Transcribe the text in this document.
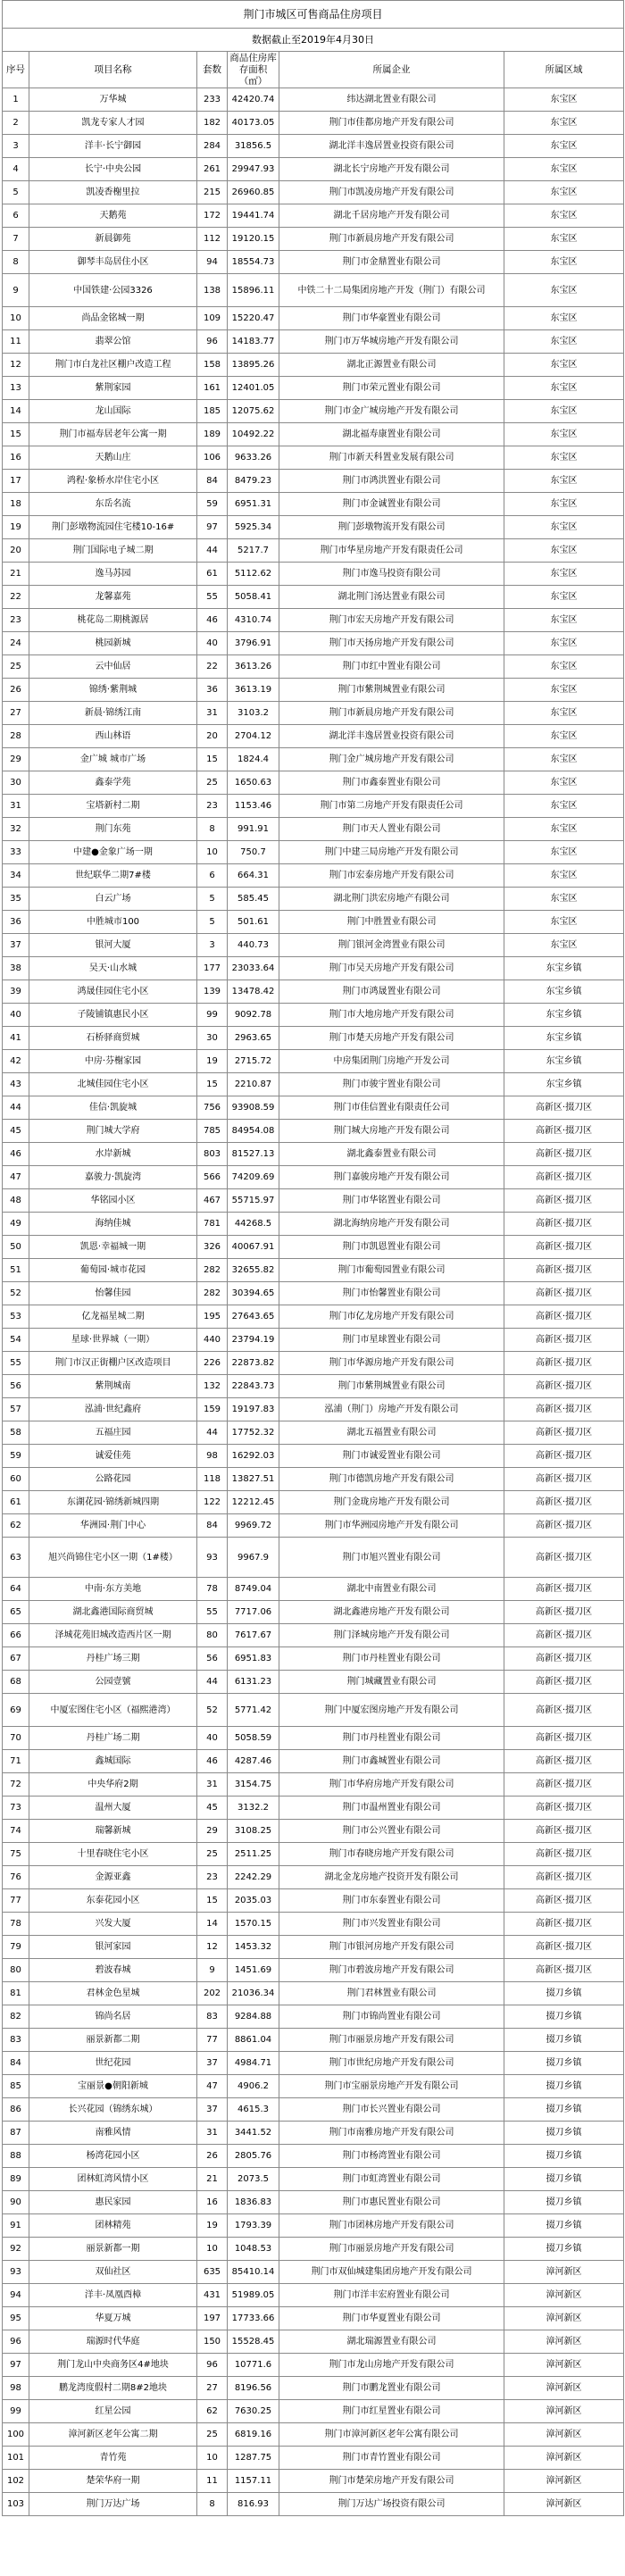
荆门市城区可售商品住房项目					
数据截止至2019年4月30日					
序号	项目名称	套数	商品住房库存面积（㎡）	所属企业	所属区域
1	万华城	233	42420.74	纬达湖北置业有限公司	东宝区
2	凯龙专家人才园	182	40173.05	荆门市佳都房地产开发有限公司	东宝区
3	洋丰·长宁御园	284	31856.5	湖北洋丰逸居置业投资有限公司	东宝区
4	长宁·中央公园	261	29947.93	湖北长宁房地产开发有限公司	东宝区
5	凯凌香榭里拉	215	26960.85	荆门市凯凌房地产开发有限公司	东宝区
6	天鹅苑	172	19441.74	湖北千居房地产开发有限公司	东宝区
7	新晨御苑	112	19120.15	荆门市新晨房地产开发有限公司	东宝区
8	御琴丰岛居住小区	94	18554.73	荆门市金鼎置业有限公司	东宝区
9	中国铁建·公园3326	138	15896.11	中铁二十二局集团房地产开发（荆门）有限公司	东宝区
10	尚品金铭城一期	109	15220.47	荆门市华豪置业有限公司	东宝区
11	翡翠公馆	96	14183.77	荆门市万华城房地产开发有限公司	东宝区
12	荆门市白龙社区棚户改造工程	158	13895.26	湖北正源置业有限公司	东宝区
13	紫荆家园	161	12401.05	荆门市荣元置业有限公司	东宝区
14	龙山国际	185	12075.62	荆门市金广城房地产开发有限公司	东宝区
15	荆门市福寿居老年公寓一期	189	10492.22	湖北福寿康置业有限公司	东宝区
16	天鹅山庄	106	9633.26	荆门市新天科置业发展有限公司	东宝区
17	鸿程·象桥水岸住宅小区	84	8479.23	荆门市鸿洪置业有限公司	东宝区
18	东岳名流	59	6951.31	荆门市金诚置业有限公司	东宝区
19	荆门彭墩物流园住宅楼10-16#	97	5925.34	荆门彭墩物流开发有限公司	东宝区
20	荆门国际电子城二期	44	5217.7	荆门市华星房地产开发有限责任公司	东宝区
21	逸马苏园	61	5112.62	荆门市逸马投资有限公司	东宝区
22	龙馨嘉苑	55	5058.41	湖北荆门汤达置业有限公司	东宝区
23	桃花岛二期桃源居	46	4310.74	荆门市宏天房地产开发有限公司	东宝区
24	桃园新城	40	3796.91	荆门市天扬房地产开发有限公司	东宝区
25	云中仙居	22	3613.26	荆门市红中置业有限公司	东宝区
26	锦绣·紫荆城	36	3613.19	荆门市紫荆城置业有限公司	东宝区
27	新晨·锦绣江南	31	3103.2	荆门市新晨房地产开发有限公司	东宝区
28	西山林语	20	2704.12	湖北洋丰逸居置业投资有限公司	东宝区
29	金广城 城市广场	15	1824.4	荆门金广城房地产开发有限公司	东宝区
30	鑫泰学苑	25	1650.63	荆门市鑫泰置业有限公司	东宝区
31	宝塔新村二期	23	1153.46	荆门市第二房地产开发有限责任公司	东宝区
32	荆门东苑	8	991.91	荆门市天人置业有限公司	东宝区
33	中建●金象广场一期	10	750.7	荆门中建三局房地产开发有限公司	东宝区
34	世纪联华二期7#楼	6	664.31	荆门市宏泰房地产开发有限公司	东宝区
35	白云广场	5	585.45	湖北荆门洪宏房地产有限公司	东宝区
36	中胜城市100	5	501.61	荆门中胜置业有限公司	东宝区
37	银河大厦	3	440.73	荆门银河金湾置业有限公司	东宝区
38	吴天·山水城	177	23033.64	荆门市吴天房地产开发有限公司	东宝乡镇
39	鸿晟佳园住宅小区	139	13478.42	荆门市鸿晟置业有限公司	东宝乡镇
40	子陵铺镇惠民小区	99	9092.78	荆门市大地房地产开发有限公司	东宝乡镇
41	石桥驿商贸城	30	2963.65	荆门市楚天房地产开发有限公司	东宝乡镇
42	中房·芬榭家园	19	2715.72	中房集团荆门房地产开发公司	东宝乡镇
43	北城佳园住宅小区	15	2210.87	荆门市骏宇置业有限公司	东宝乡镇
44	佳信·凯旋城	756	93908.59	荆门市佳信置业有限责任公司	高新区·掇刀区
45	荆门城大学府	785	84954.08	荆门城大房地产开发有限公司	高新区·掇刀区
46	水岸新城	803	81527.13	湖北鑫泰置业有限公司	高新区·掇刀区
47	嘉骏力·凯旋湾	566	74209.69	荆门嘉骏房地产开发有限公司	高新区·掇刀区
48	华铭园小区	467	55715.97	荆门市华铭置业有限公司	高新区·掇刀区
49	海纳佳城	781	44268.5	湖北海纳房地产开发有限公司	高新区·掇刀区
50	凯恩·幸福城一期	326	40067.91	荆门市凯恩置业有限公司	高新区·掇刀区
51	葡萄园·城市花园	282	32655.82	荆门市葡萄园置业有限公司	高新区·掇刀区
52	怡馨佳园	282	30394.65	荆门市怡馨置业有限公司	高新区·掇刀区
53	亿龙福星城二期	195	27643.65	荆门市亿龙房地产开发有限公司	高新区·掇刀区
54	星球·世界城（一期）	440	23794.19	荆门市星球置业有限公司	高新区·掇刀区
55	荆门市汉正街棚户区改造项目	226	22873.82	荆门市华源房地产开发有限公司	高新区·掇刀区
56	紫荆城南	132	22843.73	荆门市紫荆城置业有限公司	高新区·掇刀区
57	泓浦·世纪鑫府	159	19197.83	泓浦（荆门）房地产开发有限公司	高新区·掇刀区
58	五福庄园	44	17752.32	湖北五福置业有限公司	高新区·掇刀区
59	诚爱佳苑	98	16292.03	荆门市诚爱置业有限公司	高新区·掇刀区
60	公路花园	118	13827.51	荆门市德凯房地产开发有限公司	高新区·掇刀区
61	东湖花园·锦绣新城四期	122	12212.45	荆门金珑房地产开发有限公司	高新区·掇刀区
62	华洲园·荆门中心	84	9969.72	荆门市华洲园房地产开发有限公司	高新区·掇刀区
63	旭兴尚锦住宅小区一期（1#楼）	93	9967.9	荆门市旭兴置业有限公司	高新区·掇刀区
64	中南·东方美地	78	8749.04	湖北中南置业有限公司	高新区·掇刀区
65	湖北鑫港国际商贸城	55	7717.06	湖北鑫港房地产开发有限公司	高新区·掇刀区
66	泽城花苑旧城改造西片区一期	80	7617.67	荆门泽城房地产开发有限公司	高新区·掇刀区
67	丹桂广场三期	56	6951.83	荆门市丹桂置业有限公司	高新区·掇刀区
68	公园壹號	44	6131.23	荆门城藏置业有限公司	高新区·掇刀区
69	中厦宏图住宅小区（福熙港湾）	52	5771.42	荆门中厦宏图房地产开发有限公司	高新区·掇刀区
70	丹桂广场二期	40	5058.59	荆门市丹桂置业有限公司	高新区·掇刀区
71	鑫城国际	46	4287.46	荆门市鑫城置业有限公司	高新区·掇刀区
72	中央华府2期	31	3154.75	荆门市华府房地产开发有限公司	高新区·掇刀区
73	温州大厦	45	3132.2	荆门市温州置业有限公司	高新区·掇刀区
74	瑞馨新城	29	3108.25	荆门市公兴置业有限公司	高新区·掇刀区
75	十里春晓住宅小区	25	2511.25	荆门市春晓房地产开发有限公司	高新区·掇刀区
76	金源亚鑫	23	2242.29	湖北金龙房地产投资开发有限公司	高新区·掇刀区
77	东泰花园小区	15	2035.03	荆门市东泰置业有限公司	高新区·掇刀区
78	兴发大厦	14	1570.15	荆门市兴发置业有限公司	高新区·掇刀区
79	银河家园	12	1453.32	荆门市银河房地产开发有限公司	高新区·掇刀区
80	碧波春城	9	1451.69	荆门市碧波房地产开发有限公司	高新区·掇刀区
81	君林金色星城	202	21036.34	荆门君林置业有限公司	掇刀乡镇
82	锦尚名居	83	9284.88	荆门市锦尚置业有限公司	掇刀乡镇
83	丽景新都二期	77	8861.04	荆门市丽景房地产开发有限公司	掇刀乡镇
84	世纪花园	37	4984.71	荆门市世纪房地产开发有限公司	掇刀乡镇
85	宝丽景●朝阳新城	47	4906.2	荆门市宝丽景房地产开发有限公司	掇刀乡镇
86	长兴花园（锦绣东城）	37	4615.3	荆门市长兴置业有限公司	掇刀乡镇
87	南雅风情	31	3441.52	荆门市南雅房地产开发有限公司	掇刀乡镇
88	杨湾花园小区	26	2805.76	荆门市杨湾置业有限公司	掇刀乡镇
89	团林虹湾风情小区	21	2073.5	荆门市虹湾置业有限公司	掇刀乡镇
90	惠民家园	16	1836.83	荆门市惠民置业有限公司	掇刀乡镇
91	团林精苑	19	1793.39	荆门市团林房地产开发有限公司	掇刀乡镇
92	丽景新都一期	10	1048.53	荆门市丽景房地产开发有限公司	掇刀乡镇
93	双仙社区	635	85410.14	荆门市双仙城建集团房地产开发有限公司	漳河新区
94	洋丰·凤凰酉樟	431	51989.05	荆门市洋丰宏府置业有限公司	漳河新区
95	华夏万城	197	17733.66	荆门市华夏置业有限公司	漳河新区
96	瑞源时代华庭	150	15528.45	湖北瑞源置业有限公司	漳河新区
97	荆门龙山中央商务区4#地块	96	10771.6	荆门市龙山房地产开发有限公司	漳河新区
98	鹏龙湾度假村二期8#2地块	27	8196.56	荆门市鹏龙置业有限公司	漳河新区
99	红星公园	62	7630.25	荆门市红星置业有限公司	漳河新区
100	漳河新区老年公寓二期	25	6819.16	荆门市漳河新区老年公寓有限公司	漳河新区
101	青竹苑	10	1287.75	荆门市青竹置业有限公司	漳河新区
102	楚荣华府一期	11	1157.11	荆门市楚荣房地产开发有限公司	漳河新区
103	荆门万达广场	8	816.93	荆门万达广场投资有限公司	漳河新区
